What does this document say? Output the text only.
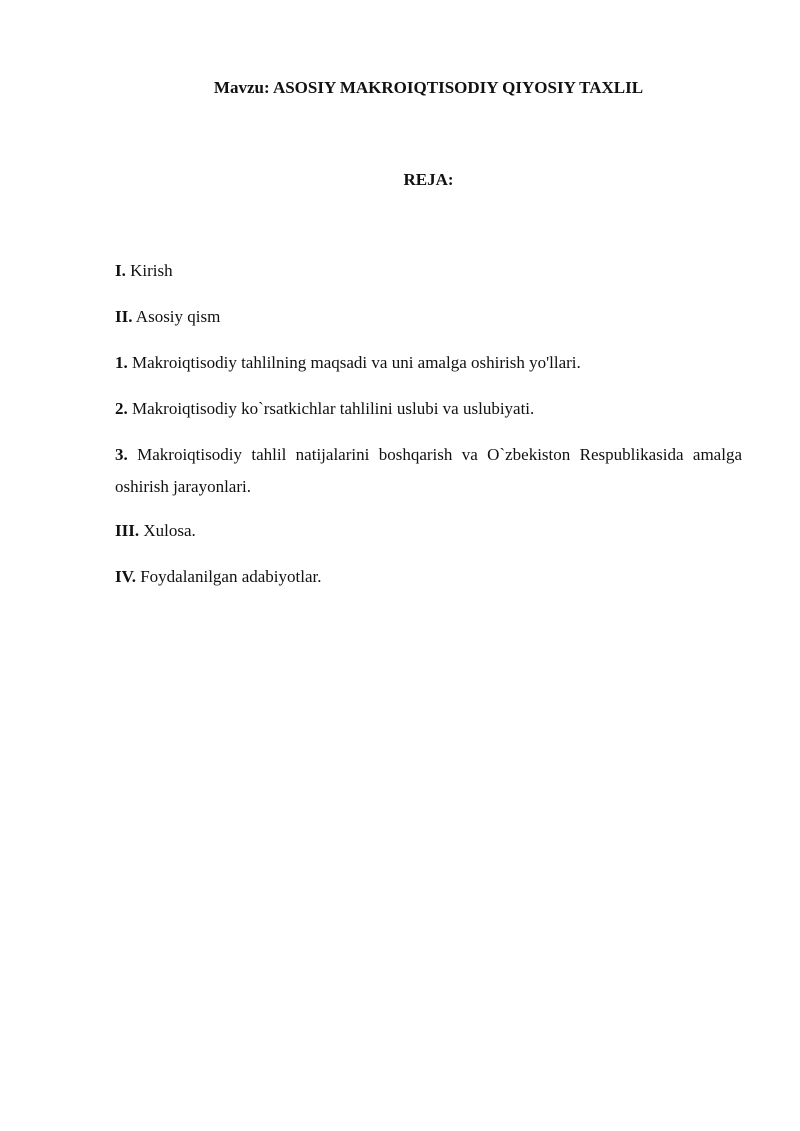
Mavzu: ASOSIY MAKROIQTISODIY QIYOSIY TAXLIL
REJA:
I. Kirish
II. Asosiy qism
1. Makroiqtisodiy tahlilning maqsadi va uni amalga oshirish yo'llari.
2. Makroiqtisodiy ko`rsatkichlar tahlilini uslubi va uslubiyati.
3. Makroiqtisodiy tahlil natijalarini boshqarish va O`zbekiston Respublikasida amalga oshirish jarayonlari.
III. Xulosa.
IV. Foydalanilgan adabiyotlar.
